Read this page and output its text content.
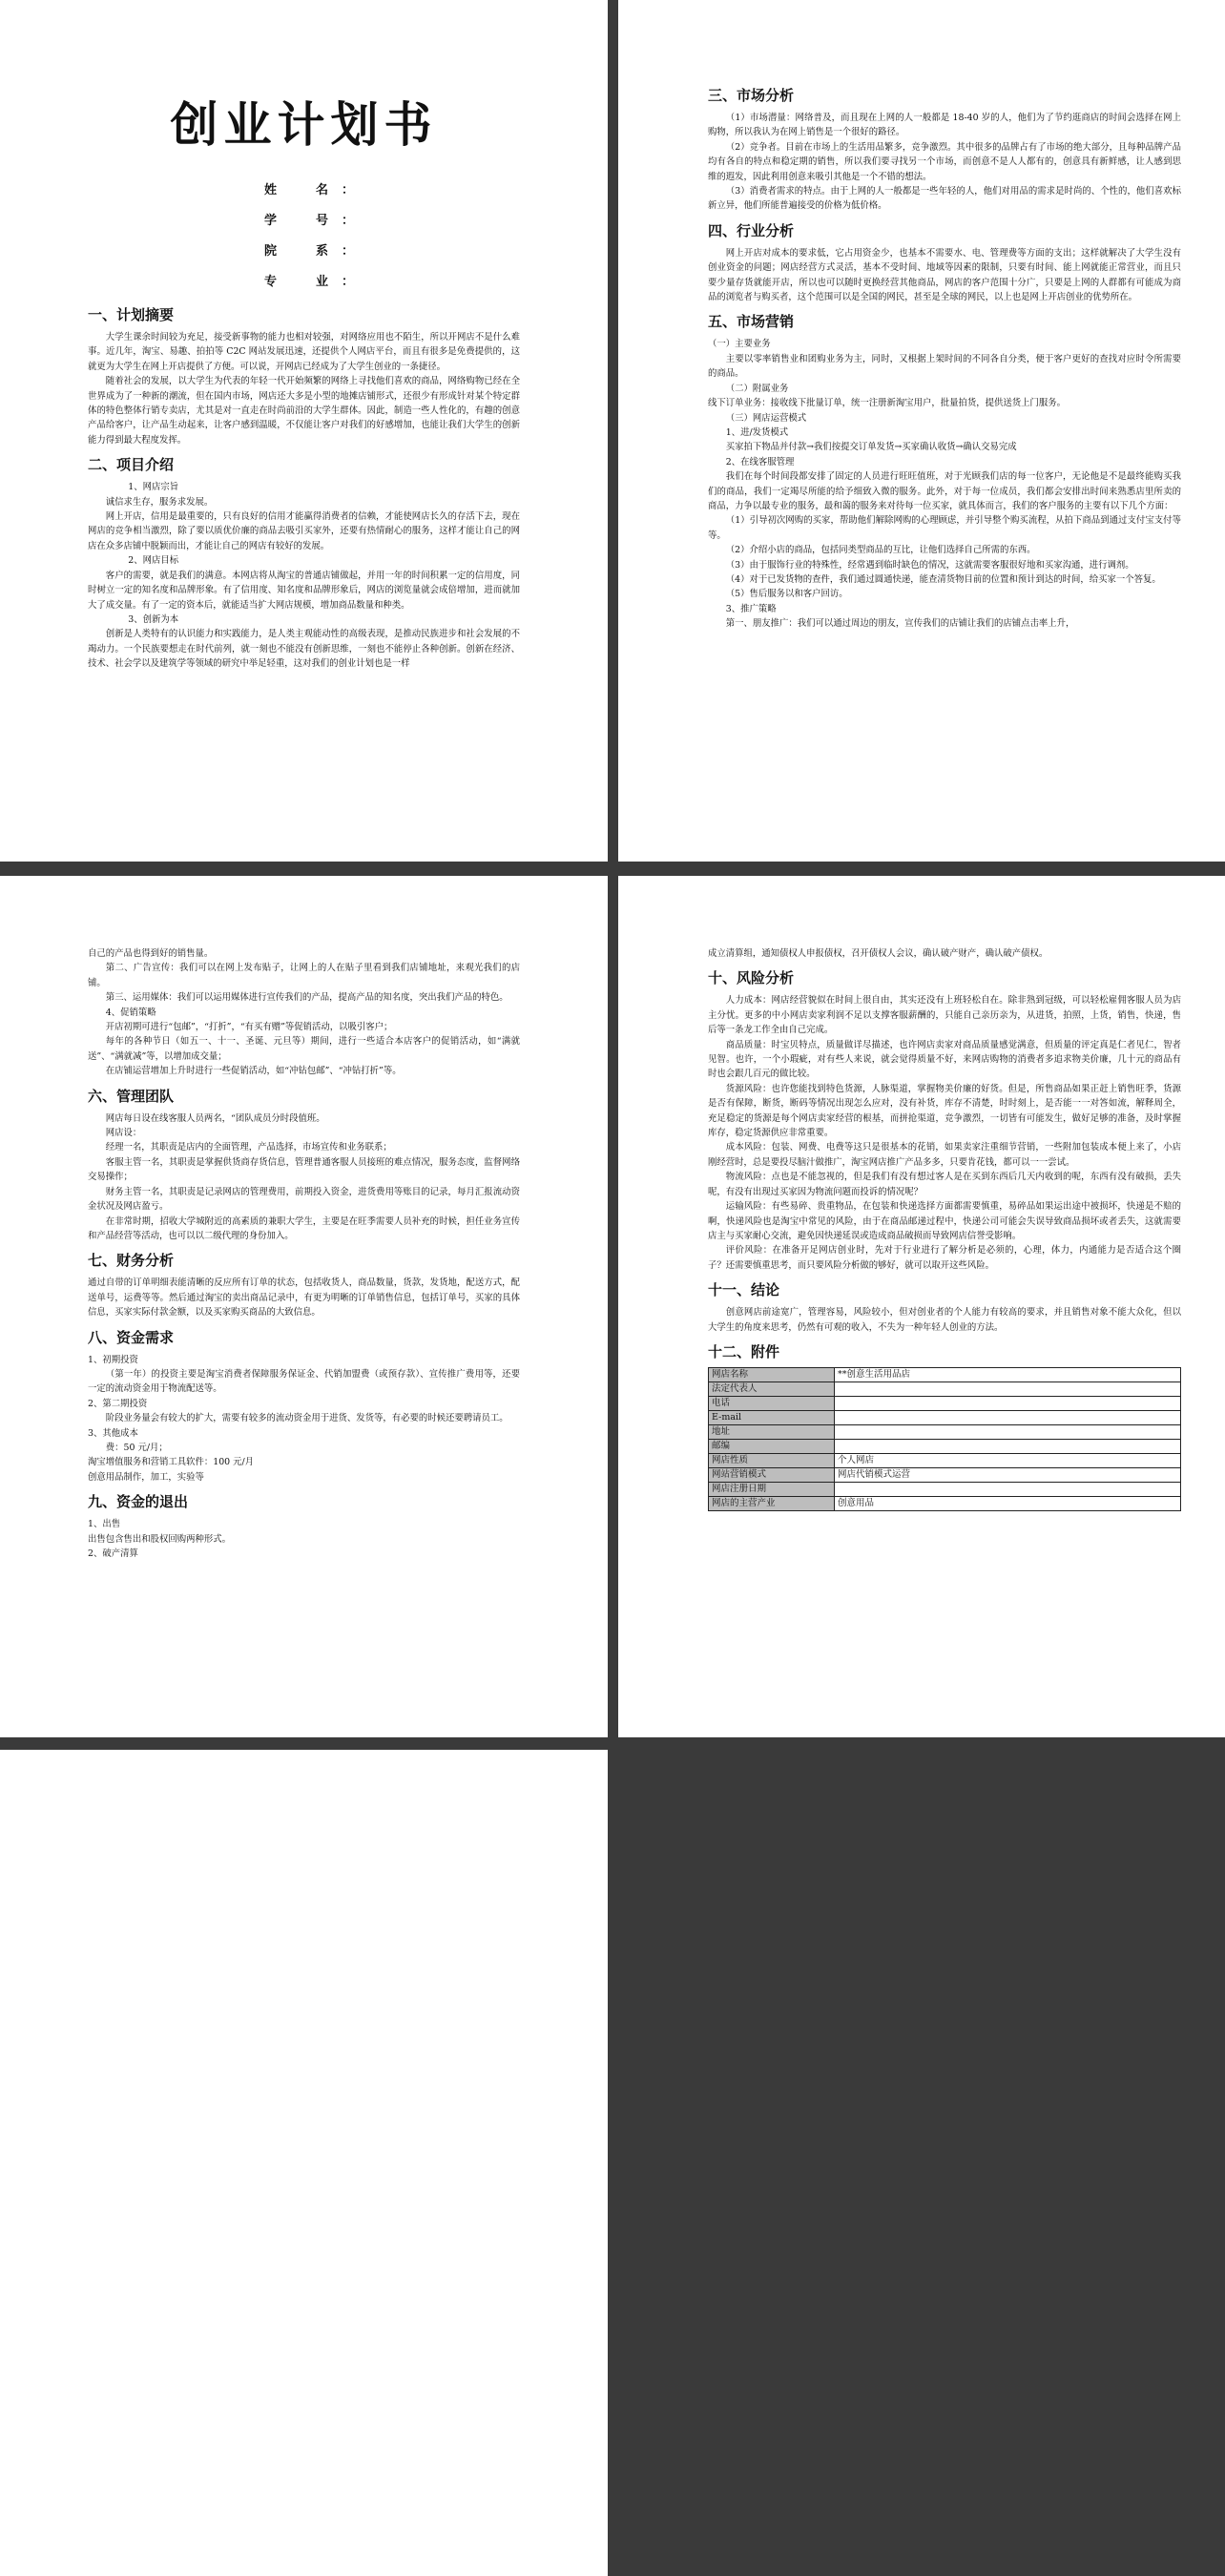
创业计划书
姓　名：
学　号：
院　系：
专　业：
一、计划摘要

大学生课余时间较为充足，接受新事物的能力也相对较强，对网络应用也不陌生，所以开网店不是什么难事。近几年，淘宝、易趣、拍拍等 C2C 网站发展迅速，还提供个人网店平台，而且有很多是免费提供的，这就更为大学生在网上开店提供了方便。可以说，开网店已经成为了大学生创业的一条捷径。

随着社会的发展，以大学生为代表的年轻一代开始频繁的网络上寻找他们喜欢的商品，网络购物已经在全世界成为了一种新的潮流，但在国内市场，网店还大多是小型的地摊店铺形式，还很少有形成针对某个特定群体的特色整体行销专卖店，尤其是对一直走在时尚前沿的大学生群体。因此，制造一些人性化的，有趣的创意产品给客户，让产品生动起来，让客户感到温暖，不仅能让客户对我们的好感增加，也能让我们大学生的创新能力得到最大程度发挥。

二、项目介绍

1、网店宗旨

诚信求生存，服务求发展。

网上开店，信用是最重要的，只有良好的信用才能赢得消费者的信赖，才能使网店长久的存活下去，现在网店的竞争相当激烈，除了要以质优价廉的商品去吸引买家外，还要有热情耐心的服务，这样才能让自己的网店在众多店铺中脱颖而出，才能让自己的网店有较好的发展。

2、网店目标

客户的需要，就是我们的满意。本网店将从淘宝的普通店铺做起，并用一年的时间积累一定的信用度，同时树立一定的知名度和品牌形象。有了信用度、知名度和品牌形象后，网店的浏览量就会成倍增加，进而就加大了成交量。有了一定的资本后，就能适当扩大网店规模，增加商品数量和种类。

3、创新为本

创新是人类特有的认识能力和实践能力，是人类主观能动性的高级表现，是推动民族进步和社会发展的不竭动力。一个民族要想走在时代前列，就一刻也不能没有创新思维，一刻也不能停止各种创新。创新在经济、技术、社会学以及建筑学等领域的研究中举足轻重，这对我们的创业计划也是一样

三、市场分析

（1）市场潜量：网络普及，而且现在上网的人一般都是 18-40 岁的人，他们为了节约逛商店的时间会选择在网上购物，所以我认为在网上销售是一个很好的路径。

（2）竞争者。目前在市场上的生活用品繁多，竞争激烈。其中很多的品牌占有了市场的绝大部分，且每种品牌产品均有各自的特点和稳定期的销售，所以我们要寻找另一个市场，而创意不是人人都有的，创意具有新鲜感，让人感到思维的遐发，因此利用创意来吸引其他是一个不错的想法。

（3）消费者需求的特点。由于上网的人一般都是一些年轻的人，他们对用品的需求是时尚的、个性的，他们喜欢标新立异，他们所能普遍接受的价格为低价格。

四、行业分析

网上开店对成本的要求低，它占用资金少，也基本不需要水、电、管理费等方面的支出；这样就解决了大学生没有创业资金的问题；网店经营方式灵活，基本不受时间、地域等因素的限制，只要有时间、能上网就能正常营业，而且只要少量存货就能开店，所以也可以随时更换经营其他商品，网店的客户范围十分广，只要是上网的人群都有可能成为商品的浏览者与购买者，这个范围可以是全国的网民，甚至是全球的网民，以上也是网上开店创业的优势所在。

五、市场营销

（一）主要业务

主要以零率销售业和团购业务为主，同时，又根据上架时间的不同各自分类，便于客户更好的查找对应时令所需要的商品。

（二）附属业务

线下订单业务：接收线下批量订单，统一注册新淘宝用户，批量拍货，提供送货上门服务。

（三）网店运营模式

1、进/发货模式

买家拍下物品并付款→我们按提交订单发货→买家确认收货→确认交易完成

2、在线客服管理

我们在每个时间段都安排了固定的人员进行旺旺值班，对于光顾我们店的每一位客户，无论他是不是最终能购买我们的商品，我们一定竭尽所能的给予细致入微的服务。此外，对于每一位成员，我们都会安排出时间来熟悉店里所卖的商品，力争以最专业的服务，最和蔼的服务来对待每一位买家，就具体而言，我们的客户服务的主要有以下几个方面：

（1）引导初次网购的买家，帮助他们解除网购的心理顾虑，并引导整个购买流程，从拍下商品到通过支付宝支付等等。

（2）介绍小店的商品，包括同类型商品的互比，让他们选择自己所需的东西。

（3）由于服饰行业的特殊性，经常遇到临时缺色的情况，这就需要客服很好地和买家沟通，进行调剂。

（4）对于已发货物的查件，我们通过圆通快递，能查清货物目前的位置和预计到达的时间，给买家一个答复。

（5）售后服务以和客户回访。

3、推广策略

第一、朋友推广：我们可以通过周边的朋友，宣传我们的店铺让我们的店铺点击率上升，

自己的产品也得到好的销售量。

第二、广告宣传：我们可以在网上发布贴子，让网上的人在贴子里看到我们店铺地址，来观光我们的店铺。

第三、运用媒体：我们可以运用媒体进行宣传我们的产品，提高产品的知名度，突出我们产品的特色。

4、促销策略

开店初期可进行“包邮”，“打折”，“有买有赠”等促销活动，以吸引客户；

每年的各种节日（如五一、十一、圣诞、元旦等）期间，进行一些适合本店客户的促销活动，如“满就送”、“满就减”等，以增加成交量；

在店铺运营增加上升时进行一些促销活动，如“冲钻包邮”、“冲钻打折”等。

六、管理团队

网店每日设在线客服人员两名，“团队成员分时段值班。

网店设：

经理一名，其职责是店内的全面管理，产品选择，市场宣传和业务联系；

客服主管一名，其职责是掌握供货商存货信息，管理普通客服人员接班的难点情况，服务态度，监督网络交易操作；

财务主管一名，其职责是记录网店的管理费用，前期投入资金，进货费用等账目的记录，每月汇报流动资金状况及网店盈亏。

在非常时期，招收大学城附近的高素质的兼职大学生，主要是在旺季需要人员补充的时候，担任业务宣传和产品经营等活动，也可以以二级代理的身份加入。

七、财务分析

通过自带的订单明细表能清晰的反应所有订单的状态，包括收货人，商品数量，货款，发货地，配送方式，配送单号，运费等等。然后通过淘宝的卖出商品记录中，有更为明晰的订单销售信息，包括订单号，买家的具体信息，买家实际付款金额，以及买家购买商品的大致信息。

八、资金需求

1、初期投资

（第一年）的投资主要是淘宝消费者保障服务保证金、代销加盟费（或预存款）、宣传推广费用等，还要一定的流动资金用于物流配送等。

2、第二期投资

阶段业务量会有较大的扩大，需要有较多的流动资金用于进货、发货等，有必要的时候还要聘请员工。

3、其他成本

费：50 元/月；

淘宝增值服务和营销工具软件：100 元/月

创意用品制作，加工，实验等

九、资金的退出

1、出售

出售包含售出和股权回购两种形式。

2、破产清算

成立清算组，通知债权人申报债权，召开债权人会议，确认破产财产，确认破产债权。

十、风险分析

人力成本：网店经营貌似在时间上很自由，其实还没有上班轻松自在。除非熟到冠级，可以轻松雇佣客服人员为店主分忧。更多的中小网店卖家利润不足以支撑客服薪酬的，只能自己亲历亲为，从进货，拍照，上货，销售，快递，售后等一条龙工作全由自己完成。

商品质量：时宝贝特点，质量做详尽描述，也许网店卖家对商品质量感觉满意，但质量的评定真是仁者见仁，智者见智。也许，一个小瑕疵，对有些人来说，就会觉得质量不好，来网店购物的消费者多追求物美价廉，几十元的商品有时也会跟几百元的做比较。

货源风险：也许您能找到特色货源，人脉渠道，掌握物美价廉的好货。但是，所售商品如果正赶上销售旺季，货源是否有保障，断货，断码等情况出现怎么应对，没有补货，库存不清楚，时时刻上，是否能一一对答如流，解释周全，充足稳定的货源是每个网店卖家经营的根基，而拼抢渠道，竞争激烈，一切皆有可能发生，做好足够的准备，及时掌握库存，稳定货源供应非常重要。

成本风险：包装、网费、电费等这只是很基本的花销，如果卖家注重细节营销，一些附加包装成本便上来了，小店刚经营时，总是要投尽脑汁做推广，淘宝网店推广产品多多，只要肯花钱，都可以一一尝试。

物流风险：点也是不能忽视的，但是我们有没有想过客人是在买到东西后几天内收到的呢，东西有没有破损，丢失呢，有没有出现过买家因为物流问题而投诉的情况呢？

运输风险：有些易碎、贵重物品，在包装和快递选择方面都需要慎重，易碎品如果运出途中被损坏，快递是不赔的啊，快递风险也是淘宝中常见的风险，由于在商品邮递过程中，快递公司可能会失误导致商品损坏或者丢失，这就需要店主与买家耐心交流，避免因快递延误或造成商品破损而导致网店信誉受影响。

评价风险：在准备开足网店创业时，先对于行业进行了解分析是必须的，心理，体力，内通能力是否适合这个圈子？还需要慎重思考，而只要风险分析做的够好，就可以取开这些风险。

十一、结论

创意网店前途宽广，管理容易，风险较小，但对创业者的个人能力有较高的要求，并且销售对象不能大众化，但以大学生的角度来思考，仍然有可观的收入，不失为一种年轻人创业的方法。

十二、附件
网店名称	**创意生活用品店
法定代表人	
电话	
E-mail	
地址	
邮编	
网店性质	个人网店
网站营销模式	网店代销模式运营
网店注册日期	
网店的主营产业	创意用品
